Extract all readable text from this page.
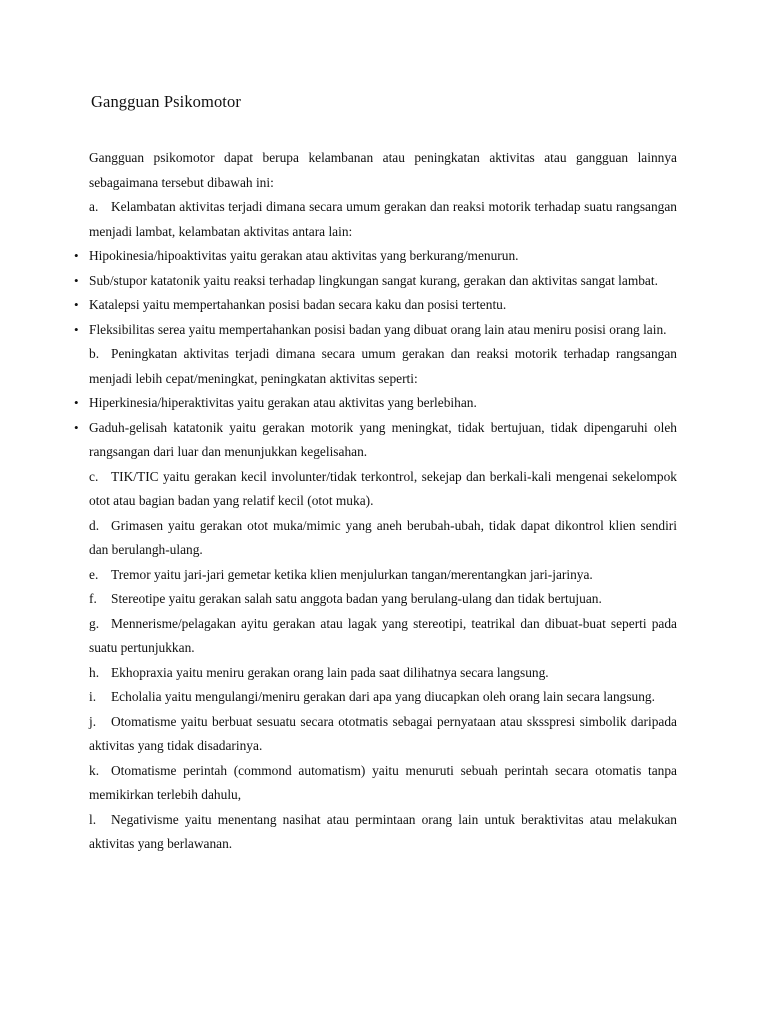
Gangguan Psikomotor

Gangguan psikomotor dapat berupa kelambanan atau peningkatan aktivitas atau gangguan lainnya sebagaimana tersebut dibawah ini:

a. Kelambatan aktivitas terjadi dimana secara umum gerakan dan reaksi motorik terhadap suatu rangsangan menjadi lambat, kelambatan aktivitas antara lain:

• Hipokinesia/hipoaktivitas yaitu gerakan atau aktivitas yang berkurang/menurun.

• Sub/stupor katatonik yaitu reaksi terhadap lingkungan sangat kurang, gerakan dan aktivitas sangat lambat.

• Katalepsi yaitu mempertahankan posisi badan secara kaku dan posisi tertentu.

• Fleksibilitas serea yaitu mempertahankan posisi badan yang dibuat orang lain atau meniru posisi orang lain.

b. Peningkatan aktivitas terjadi dimana secara umum gerakan dan reaksi motorik terhadap rangsangan menjadi lebih cepat/meningkat, peningkatan aktivitas seperti:

• Hiperkinesia/hiperaktivitas yaitu gerakan atau aktivitas yang berlebihan.

• Gaduh-gelisah katatonik yaitu gerakan motorik yang meningkat, tidak bertujuan, tidak dipengaruhi oleh rangsangan dari luar dan menunjukkan kegelisahan.

c. TIK/TIC yaitu gerakan kecil involunter/tidak terkontrol, sekejap dan berkali-kali mengenai sekelompok otot atau bagian badan yang relatif kecil (otot muka).

d. Grimasen yaitu gerakan otot muka/mimic yang aneh berubah-ubah, tidak dapat dikontrol klien sendiri dan berulangh-ulang.

e. Tremor yaitu jari-jari gemetar ketika klien menjulurkan tangan/merentangkan jari-jarinya.

f. Stereotipe yaitu gerakan salah satu anggota badan yang berulang-ulang dan tidak bertujuan.

g. Mennerisme/pelagakan ayitu gerakan atau lagak yang stereotipi, teatrikal dan dibuat-buat seperti pada suatu pertunjukkan.

h. Ekhopraxia yaitu meniru gerakan orang lain pada saat dilihatnya secara langsung.

i. Echolalia yaitu mengulangi/meniru gerakan dari apa yang diucapkan oleh orang lain secara langsung.

j. Otomatisme yaitu berbuat sesuatu secara ototmatis sebagai pernyataan atau sksspresi simbolik daripada aktivitas yang tidak disadarinya.

k. Otomatisme perintah (commond automatism) yaitu menuruti sebuah perintah secara otomatis tanpa memikirkan terlebih dahulu,

l. Negativisme yaitu menentang nasihat atau permintaan orang lain untuk beraktivitas atau melakukan aktivitas yang berlawanan.
